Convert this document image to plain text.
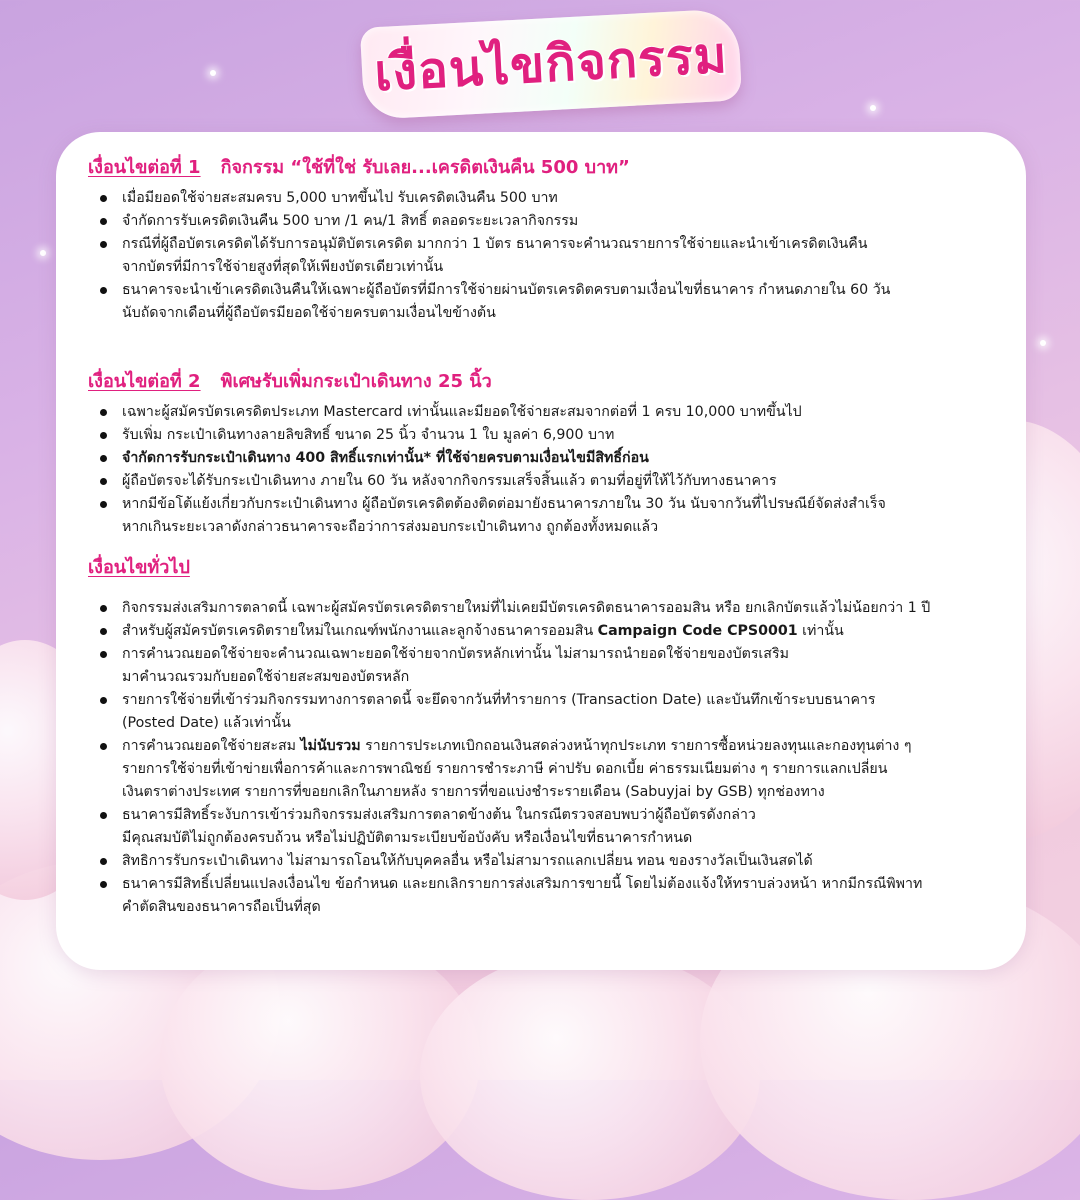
เงื่อนไขกิจกรรม
เงื่อนไขต่อที่ 1 กิจกรรม “ใช้ที่ใช่ รับเลย...เครดิตเงินคืน 500 บาท”
เมื่อมียอดใช้จ่ายสะสมครบ 5,000 บาทขึ้นไป รับเครดิตเงินคืน 500 บาท
จำกัดการรับเครดิตเงินคืน 500 บาท /1 คน/1 สิทธิ์ ตลอดระยะเวลากิจกรรม
กรณีที่ผู้ถือบัตรเครดิตได้รับการอนุมัติบัตรเครดิต มากกว่า 1 บัตร ธนาคารจะคำนวณรายการใช้จ่ายและนำเข้าเครดิตเงินคืน
จากบัตรที่มีการใช้จ่ายสูงที่สุดให้เพียงบัตรเดียวเท่านั้น
ธนาคารจะนำเข้าเครดิตเงินคืนให้เฉพาะผู้ถือบัตรที่มีการใช้จ่ายผ่านบัตรเครดิตครบตามเงื่อนไขที่ธนาคาร กำหนดภายใน 60 วัน
นับถัดจากเดือนที่ผู้ถือบัตรมียอดใช้จ่ายครบตามเงื่อนไขข้างต้น
เงื่อนไขต่อที่ 2 พิเศษรับเพิ่มกระเป๋าเดินทาง 25 นิ้ว
เฉพาะผู้สมัครบัตรเครดิตประเภท Mastercard เท่านั้นและมียอดใช้จ่ายสะสมจากต่อที่ 1 ครบ 10,000 บาทขึ้นไป
รับเพิ่ม กระเป๋าเดินทางลายลิขสิทธิ์ ขนาด 25 นิ้ว จำนวน 1 ใบ มูลค่า 6,900 บาท
จำกัดการรับกระเป๋าเดินทาง 400 สิทธิ์แรกเท่านั้น* ที่ใช้จ่ายครบตามเงื่อนไขมีสิทธิ์ก่อน
ผู้ถือบัตรจะได้รับกระเป๋าเดินทาง ภายใน 60 วัน หลังจากกิจกรรมเสร็จสิ้นแล้ว ตามที่อยู่ที่ให้ไว้กับทางธนาคาร
หากมีข้อโต้แย้งเกี่ยวกับกระเป๋าเดินทาง ผู้ถือบัตรเครดิตต้องติดต่อมายังธนาคารภายใน 30 วัน นับจากวันที่ไปรษณีย์จัดส่งสำเร็จ
หากเกินระยะเวลาดังกล่าวธนาคารจะถือว่าการส่งมอบกระเป๋าเดินทาง ถูกต้องทั้งหมดแล้ว
เงื่อนไขทั่วไป
กิจกรรมส่งเสริมการตลาดนี้ เฉพาะผู้สมัครบัตรเครดิตรายใหม่ที่ไม่เคยมีบัตรเครดิตธนาคารออมสิน หรือ ยกเลิกบัตรแล้วไม่น้อยกว่า 1 ปี
สำหรับผู้สมัครบัตรเครดิตรายใหม่ในเกณฑ์พนักงานและลูกจ้างธนาคารออมสิน Campaign Code CPS0001 เท่านั้น
การคำนวณยอดใช้จ่ายจะคำนวณเฉพาะยอดใช้จ่ายจากบัตรหลักเท่านั้น ไม่สามารถนำยอดใช้จ่ายของบัตรเสริม
มาคำนวณรวมกับยอดใช้จ่ายสะสมของบัตรหลัก
รายการใช้จ่ายที่เข้าร่วมกิจกรรมทางการตลาดนี้ จะยึดจากวันที่ทำรายการ (Transaction Date) และบันทึกเข้าระบบธนาคาร
(Posted Date) แล้วเท่านั้น
การคำนวณยอดใช้จ่ายสะสม ไม่นับรวม รายการประเภทเบิกถอนเงินสดล่วงหน้าทุกประเภท รายการซื้อหน่วยลงทุนและกองทุนต่าง ๆ
รายการใช้จ่ายที่เข้าข่ายเพื่อการค้าและการพาณิชย์ รายการชำระภาษี ค่าปรับ ดอกเบี้ย ค่าธรรมเนียมต่าง ๆ รายการแลกเปลี่ยน
เงินตราต่างประเทศ รายการที่ขอยกเลิกในภายหลัง รายการที่ขอแบ่งชำระรายเดือน (Sabuyjai by GSB) ทุกช่องทาง
ธนาคารมีสิทธิ์ระงับการเข้าร่วมกิจกรรมส่งเสริมการตลาดข้างต้น ในกรณีตรวจสอบพบว่าผู้ถือบัตรดังกล่าว
มีคุณสมบัติไม่ถูกต้องครบถ้วน หรือไม่ปฏิบัติตามระเบียบข้อบังคับ หรือเงื่อนไขที่ธนาคารกำหนด
สิทธิการรับกระเป๋าเดินทาง ไม่สามารถโอนให้กับบุคคลอื่น หรือไม่สามารถแลกเปลี่ยน ทอน ของรางวัลเป็นเงินสดได้
ธนาคารมีสิทธิ์เปลี่ยนแปลงเงื่อนไข ข้อกำหนด และยกเลิกรายการส่งเสริมการขายนี้ โดยไม่ต้องแจ้งให้ทราบล่วงหน้า หากมีกรณีพิพาท
คำตัดสินของธนาคารถือเป็นที่สุด
